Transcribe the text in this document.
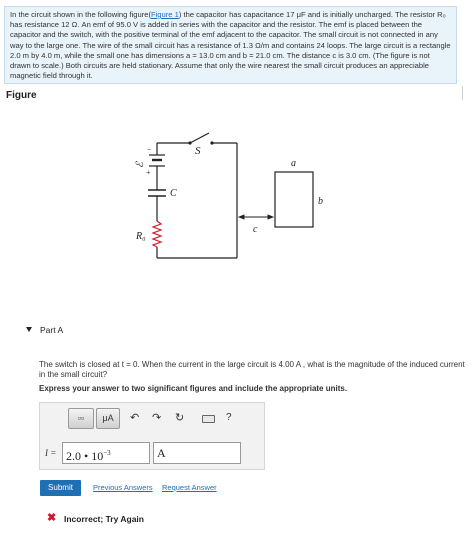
In the circuit shown in the following figure(Figure 1) the capacitor has capacitance 17 μF and is initially uncharged. The resistor R₀ has resistance 12 Ω. An emf of 95.0 V is added in series with the capacitor and the resistor. The emf is placed between the capacitor and the switch, with the positive terminal of the emf adjacent to the capacitor. The small circuit is not connected in any way to the large one. The wire of the small circuit has a resistance of 1.3 Ω/m and contains 24 loops. The large circuit is a rectangle 2.0 m by 4.0 m, while the small one has dimensions a = 13.0 cm and b = 21.0 cm. The distance c is 3.0 cm. (The figure is not drawn to scale.) Both circuits are held stationary. Assume that only the wire nearest the small circuit produces an appreciable magnetic field through it.
Figure
S
ℰ
−
+
C
R₀
c
a
b
Part A
The switch is closed at t = 0. When the current in the large circuit is 4.00 A , what is the magnitude of the induced current in the small circuit?
Express your answer to two significant figures and include the appropriate units.
▫▫	μA	↶ ↷ ↻	?
I = 2.0 • $10^{-3}$	A
Submit	Previous Answers Request Answer
✖ Incorrect; Try Again
